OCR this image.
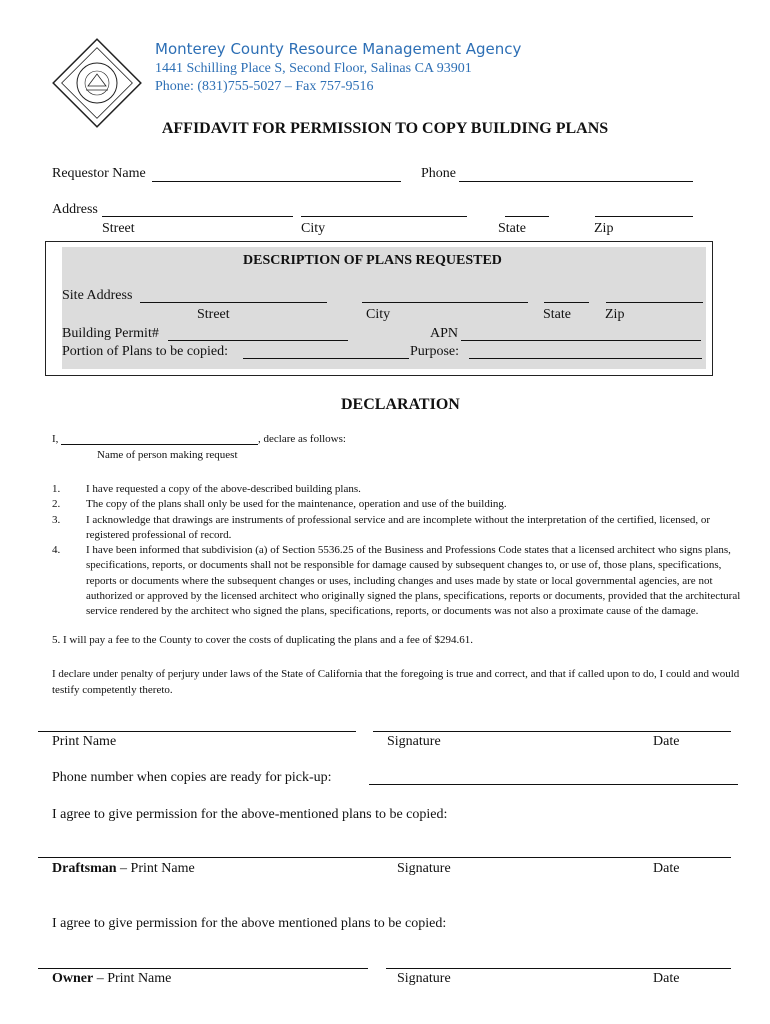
Monterey County Resource Management Agency
1441 Schilling Place S, Second Floor, Salinas CA 93901
Phone: (831)755-5027 – Fax 757-9516
AFFIDAVIT FOR PERMISSION TO COPY BUILDING PLANS
Requestor Name	Phone
Address
Street	City	State	Zip
DESCRIPTION OF PLANS REQUESTED
Site Address
Street	City	State Zip
Building Permit#	APN
Portion of Plans to be copied:	Purpose:
DECLARATION
I,	, declare as follows:
Name of person making request
1. I have requested a copy of the above-described building plans.
2. The copy of the plans shall only be used for the maintenance, operation and use of the building.
3. I acknowledge that drawings are instruments of professional service and are incomplete without the interpretation of the certified, licensed, or registered professional of record.
4. I have been informed that subdivision (a) of Section 5536.25 of the Business and Professions Code states that a licensed architect who signs plans, specifications, reports, or documents shall not be responsible for damage caused by subsequent changes to, or use of, those plans, specifications, reports or documents where the subsequent changes or uses, including changes and uses made by state or local governmental agencies, are not authorized or approved by the licensed architect who originally signed the plans, specifications, reports or documents, provided that the architectural service rendered by the architect who signed the plans, specifications, reports, or documents was not also a proximate cause of the damage.
5. I will pay a fee to the County to cover the costs of duplicating the plans and a fee of $294.61.
I declare under penalty of perjury under laws of the State of California that the foregoing is true and correct, and that if called upon to do, I could and would testify competently thereto.
Print Name	Signature	Date
Phone number when copies are ready for pick-up:
I agree to give permission for the above-mentioned plans to be copied:
Draftsman – Print Name	Signature	Date
I agree to give permission for the above mentioned plans to be copied:
Owner – Print Name	Signature	Date
